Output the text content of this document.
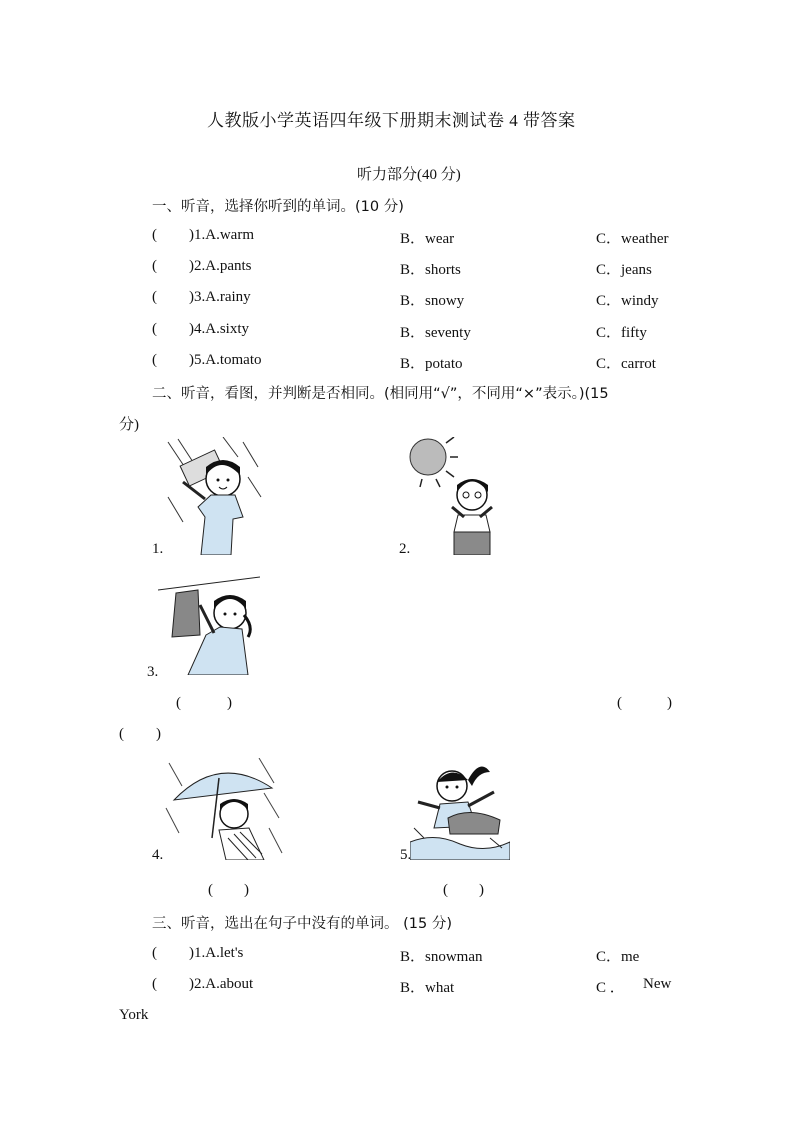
人教版小学英语四年级下册期末测试卷 4 带答案
听力部分(40 分)
一、听音，选择你听到的单词。(10 分)
( )1.A.warm	B．wear	C．weather
( )2.A.pants	B．shorts	C．jeans
( )3.A.rainy	B．snowy	C．windy
( )4.A.sixty	B．seventy	C．fifty
( )5.A.tomato	B．potato	C．carrot
二、听音，看图，并判断是否相同。(相同用“√”，不同用“×”表示。)(15
分)
1.	2.
3.
(	)	(	)
( )
4.	5.
( )	( )
三、听音，选出在句子中没有的单词。 (15 分)
( )1.A.let's	B．snowman	C．me
( )2.A.about	B．what	C ． New
York
